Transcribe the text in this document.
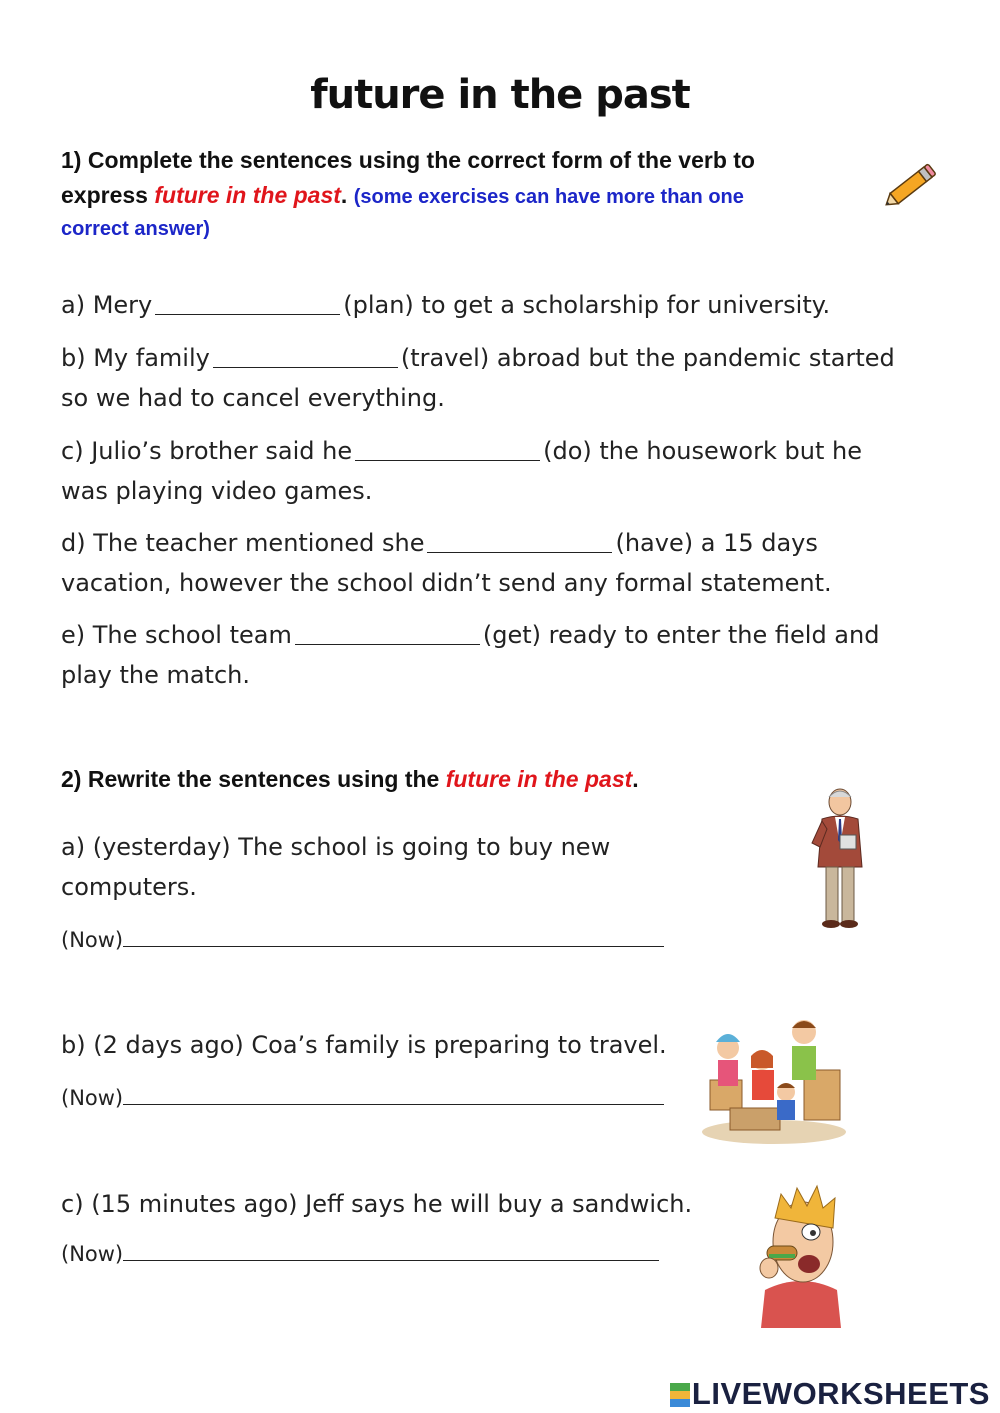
future in the past
1) Complete the sentences using the correct form of the verb to
express future in the past. (some exercises can have more than one
correct answer)
a) Mery	(plan) to get a scholarship for university.
b) My family	(travel) abroad but the pandemic started
so we had to cancel everything.
c) Julio’s brother said he	(do) the housework but he
was playing video games.
d) The teacher mentioned she	(have) a 15 days
vacation, however the school didn’t send any formal statement.
e) The school team	(get) ready to enter the field and
play the match.
2) Rewrite the sentences using the future in the past.
a) (yesterday) The school is going to buy new
computers.
(Now)
b) (2 days ago) Coa’s family is preparing to travel.
(Now)
c) (15 minutes ago) Jeff says he will buy a sandwich.
(Now)
LIVEWORKSHEETS
